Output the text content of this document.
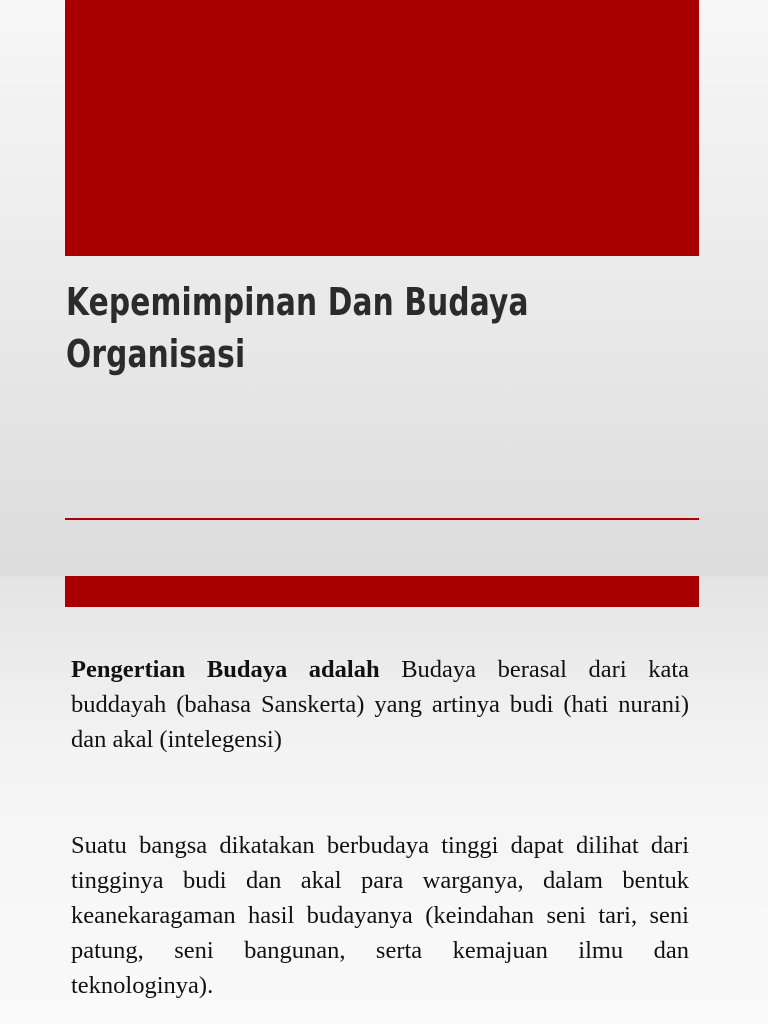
Kepemimpinan Dan Budaya
Organisasi

Pengertian Budaya adalah Budaya berasal dari kata buddayah (bahasa Sanskerta) yang artinya budi (hati nurani) dan akal (intelegensi)

Suatu bangsa dikatakan berbudaya tinggi dapat dilihat dari tingginya budi dan akal para warganya, dalam bentuk keanekaragaman hasil budayanya (keindahan seni tari, seni patung, seni bangunan, serta kemajuan ilmu dan teknologinya).
